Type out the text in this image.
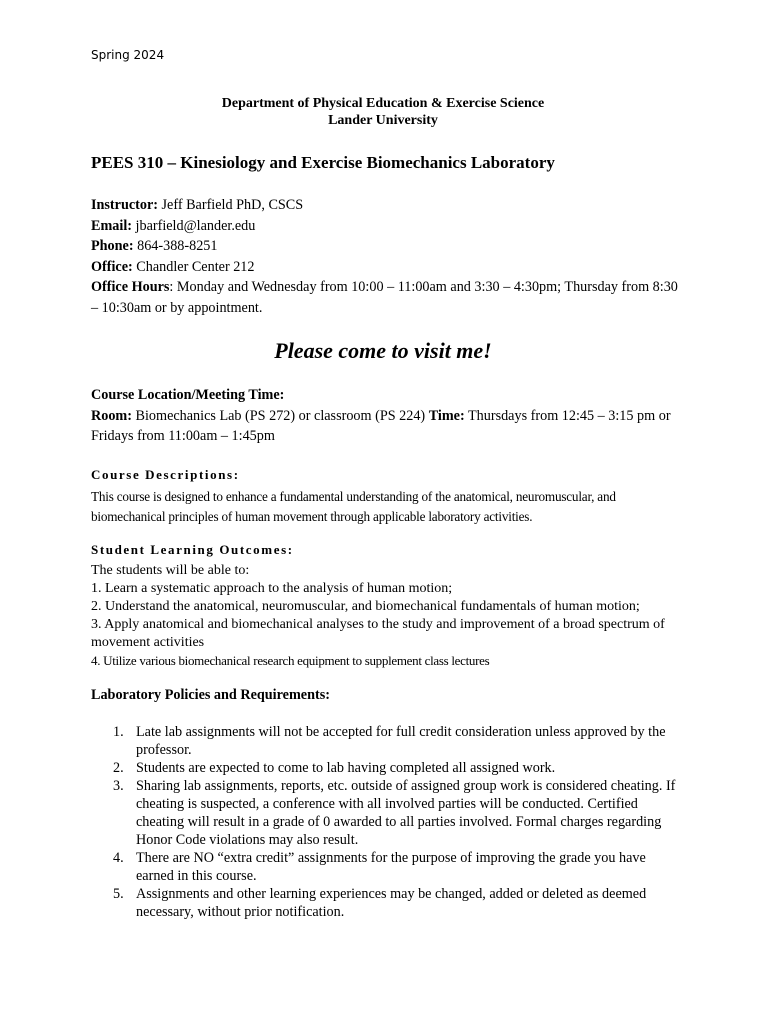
Spring 2024
Department of Physical Education & Exercise Science
Lander University
PEES 310 – Kinesiology and Exercise Biomechanics Laboratory
Instructor: Jeff Barfield PhD, CSCS
Email: jbarfield@lander.edu
Phone: 864-388-8251
Office: Chandler Center 212
Office Hours: Monday and Wednesday from 10:00 – 11:00am and 3:30 – 4:30pm; Thursday from 8:30 – 10:30am or by appointment.
Please come to visit me!
Course Location/Meeting Time:
Room: Biomechanics Lab (PS 272) or classroom (PS 224) Time: Thursdays from 12:45 – 3:15 pm or Fridays from 11:00am – 1:45pm
Course Descriptions:
This course is designed to enhance a fundamental understanding of the anatomical, neuromuscular, and biomechanical principles of human movement through applicable laboratory activities.
Student Learning Outcomes:
The students will be able to:
1. Learn a systematic approach to the analysis of human motion;
2. Understand the anatomical, neuromuscular, and biomechanical fundamentals of human motion;
3. Apply anatomical and biomechanical analyses to the study and improvement of a broad spectrum of movement activities
4. Utilize various biomechanical research equipment to supplement class lectures
Laboratory Policies and Requirements:
1. Late lab assignments will not be accepted for full credit consideration unless approved by the professor.
2. Students are expected to come to lab having completed all assigned work.
3. Sharing lab assignments, reports, etc. outside of assigned group work is considered cheating. If cheating is suspected, a conference with all involved parties will be conducted. Certified cheating will result in a grade of 0 awarded to all parties involved. Formal charges regarding Honor Code violations may also result.
4. There are NO “extra credit” assignments for the purpose of improving the grade you have earned in this course.
5. Assignments and other learning experiences may be changed, added or deleted as deemed necessary, without prior notification.
